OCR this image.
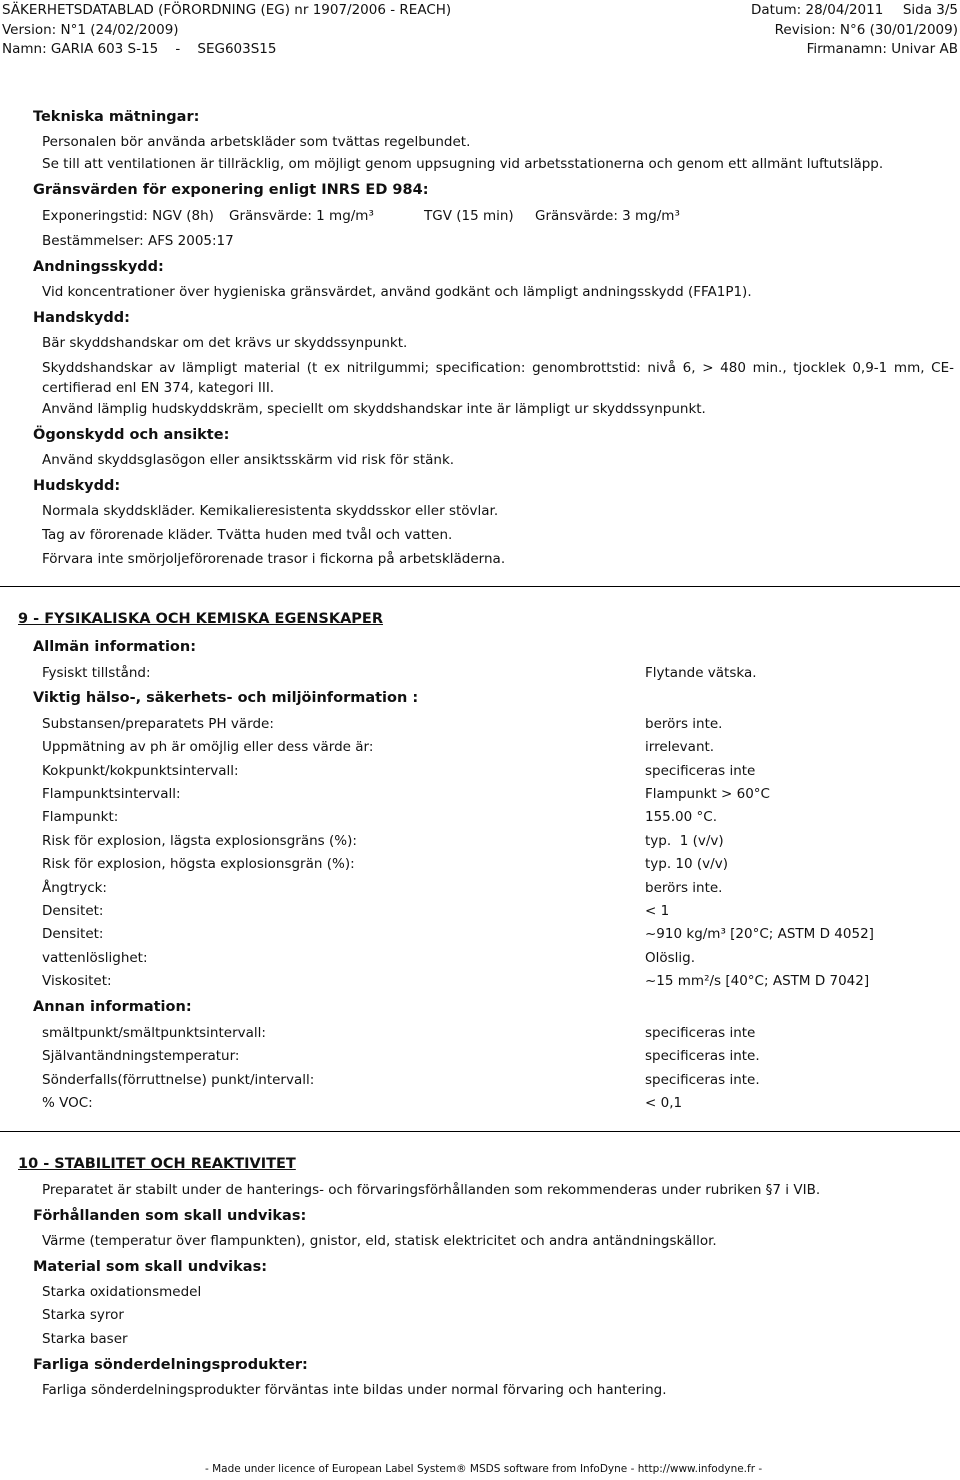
SÄKERHETSDATABLAD (FÖRORDNING (EG) nr 1907/2006 - REACH)	Datum: 28/04/2011 Sida 3/5
Version: N°1 (24/02/2009)	Revision: N°6 (30/01/2009)
Namn: GARIA 603 S-15    -    SEG603S15	Firmanamn: Univar AB
Tekniska mätningar:
Personalen bör använda arbetskläder som tvättas regelbundet.
Se till att ventilationen är tillräcklig, om möjligt genom uppsugning vid arbetsstationerna och genom ett allmänt luftutsläpp.
Gränsvärden för exponering enligt INRS ED 984:
Exponeringstid: NGV (8h) Gränsvärde: 1 mg/m³	TGV (15 min) Gränsvärde: 3 mg/m³
Bestämmelser: AFS 2005:17
Andningsskydd:
Vid koncentrationer över hygieniska gränsvärdet, använd godkänt och lämpligt andningsskydd (FFA1P1).
Handskydd:
Bär skyddshandskar om det krävs ur skyddssynpunkt.
Skyddshandskar av lämpligt material (t ex nitrilgummi; specification: genombrottstid: nivå 6, > 480 min., tjocklek 0,9-1 mm, CE-certifierad enl EN 374, kategori III.
Använd lämplig hudskyddskräm, speciellt om skyddshandskar inte är lämpligt ur skyddssynpunkt.
Ögonskydd och ansikte:
Använd skyddsglasögon eller ansiktsskärm vid risk för stänk.
Hudskydd:
Normala skyddskläder. Kemikalieresistenta skyddsskor eller stövlar.
Tag av förorenade kläder. Tvätta huden med tvål och vatten.
Förvara inte smörjoljeförorenade trasor i fickorna på arbetskläderna.
9 - FYSIKALISKA OCH KEMISKA EGENSKAPER
Allmän information:
Fysiskt tillstånd:	Flytande vätska.
Viktig hälso-, säkerhets- och miljöinformation :
Substansen/preparatets PH värde:	berörs inte.
Uppmätning av ph är omöjlig eller dess värde är:	irrelevant.
Kokpunkt/kokpunktsintervall:	specificeras inte
Flampunktsintervall:	Flampunkt > 60°C
Flampunkt:	155.00 °C.
Risk för explosion, lägsta explosionsgräns (%):	typ.  1 (v/v)
Risk för explosion, högsta explosionsgrän (%):	typ. 10 (v/v)
Ångtryck:	berörs inte.
Densitet:	< 1
Densitet:	~910 kg/m³ [20°C; ASTM D 4052]
vattenlöslighet:	Olöslig.
Viskositet:	~15 mm²/s [40°C; ASTM D 7042]
Annan information:
smältpunkt/smältpunktsintervall:	specificeras inte
Självantändningstemperatur:	specificeras inte.
Sönderfalls(förruttnelse) punkt/intervall:	specificeras inte.
% VOC:	< 0,1
10 - STABILITET OCH REAKTIVITET
Preparatet är stabilt under de hanterings- och förvaringsförhållanden som rekommenderas under rubriken §7 i VIB.
Förhållanden som skall undvikas:
Värme (temperatur över flampunkten), gnistor, eld, statisk elektricitet och andra antändningskällor.
Material som skall undvikas:
Starka oxidationsmedel
Starka syror
Starka baser
Farliga sönderdelningsprodukter:
Farliga sönderdelningsprodukter förväntas inte bildas under normal förvaring och hantering.
- Made under licence of European Label System® MSDS software from InfoDyne - http://www.infodyne.fr -
